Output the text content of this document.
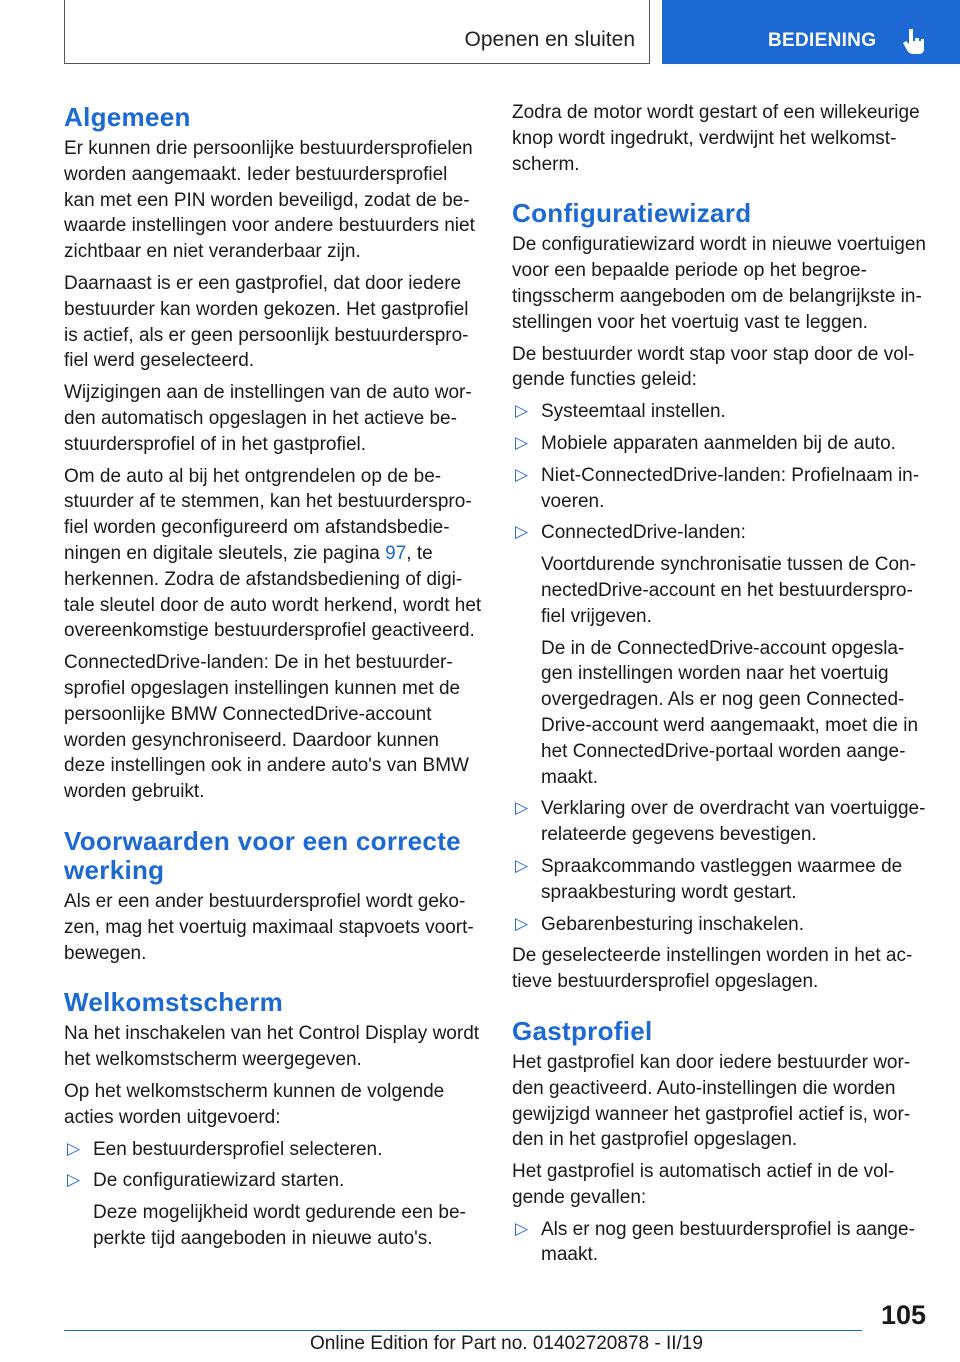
Openen en sluiten	BEDIENING
Algemeen

Er kunnen drie persoonlijke bestuurdersprofielen worden aangemaakt. Ieder bestuurdersprofiel kan met een PIN worden beveiligd, zodat de bewaarde instellingen voor andere bestuurders niet zichtbaar en niet veranderbaar zijn.

Daarnaast is er een gastprofiel, dat door iedere bestuurder kan worden gekozen. Het gastprofiel is actief, als er geen persoonlijk bestuurdersprofiel werd geselecteerd.

Wijzigingen aan de instellingen van de auto worden automatisch opgeslagen in het actieve bestuurdersprofiel of in het gastprofiel.

Om de auto al bij het ontgrendelen op de bestuurder af te stemmen, kan het bestuurdersprofiel worden geconfigureerd om afstandsbedieningen en digitale sleutels, zie pagina 97, te herkennen. Zodra de afstandsbediening of digitale sleutel door de auto wordt herkend, wordt het overeenkomstige bestuurdersprofiel geactiveerd.

ConnectedDrive-landen: De in het bestuurdersprofiel opgeslagen instellingen kunnen met de persoonlijke BMW ConnectedDrive-account worden gesynchroniseerd. Daardoor kunnen deze instellingen ook in andere auto's van BMW worden gebruikt.

Voorwaarden voor een correcte werking

Als er een ander bestuurdersprofiel wordt gekozen, mag het voertuig maximaal stapvoets voortbewegen.

Welkomstscherm

Na het inschakelen van het Control Display wordt het welkomstscherm weergegeven.

Op het welkomstscherm kunnen de volgende acties worden uitgevoerd:

▷ Een bestuurdersprofiel selecteren.
▷ De configuratiewizard starten.
Deze mogelijkheid wordt gedurende een beperkte tijd aangeboden in nieuwe auto's.

Zodra de motor wordt gestart of een willekeurige knop wordt ingedrukt, verdwijnt het welkomstscherm.

Configuratiewizard

De configuratiewizard wordt in nieuwe voertuigen voor een bepaalde periode op het begroetingsscherm aangeboden om de belangrijkste instellingen voor het voertuig vast te leggen.

De bestuurder wordt stap voor stap door de volgende functies geleid:

▷ Systeemtaal instellen.
▷ Mobiele apparaten aanmelden bij de auto.
▷ Niet-ConnectedDrive-landen: Profielnaam invoeren.
▷ ConnectedDrive-landen:
Voortdurende synchronisatie tussen de ConnectedDrive-account en het bestuurdersprofiel vrijgeven.
De in de ConnectedDrive-account opgeslagen instellingen worden naar het voertuig overgedragen. Als er nog geen ConnectedDrive-account werd aangemaakt, moet die in het ConnectedDrive-portaal worden aangemaakt.
▷ Verklaring over de overdracht van voertuiggerelateerde gegevens bevestigen.
▷ Spraakcommando vastleggen waarmee de spraakbesturing wordt gestart.
▷ Gebarenbesturing inschakelen.

De geselecteerde instellingen worden in het actieve bestuurdersprofiel opgeslagen.

Gastprofiel

Het gastprofiel kan door iedere bestuurder worden geactiveerd. Auto-instellingen die worden gewijzigd wanneer het gastprofiel actief is, worden in het gastprofiel opgeslagen.

Het gastprofiel is automatisch actief in de volgende gevallen:

▷ Als er nog geen bestuurdersprofiel is aangemaakt.
105
Online Edition for Part no. 01402720878 - II/19
